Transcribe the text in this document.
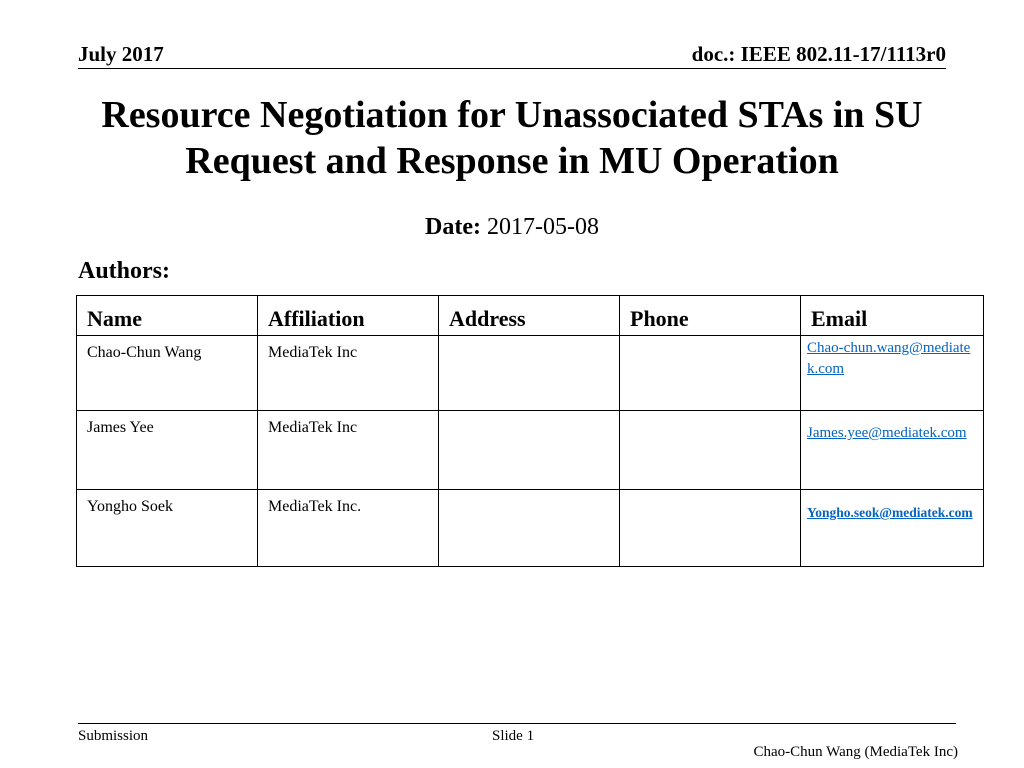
July 2017	doc.: IEEE 802.11-17/1113r0
Resource Negotiation for Unassociated STAs in SU
Request and Response in MU Operation
Date: 2017-05-08
Authors:
Name	Affiliation	Address	Phone	Email
Chao-Chun Wang	MediaTek Inc			Chao-chun.wang@mediatek.com
James Yee	MediaTek Inc			James.yee@mediatek.com
Yongho Soek	MediaTek Inc.			Yongho.seok@mediatek.com
Submission	Slide 1
Chao-Chun Wang (MediaTek Inc)
